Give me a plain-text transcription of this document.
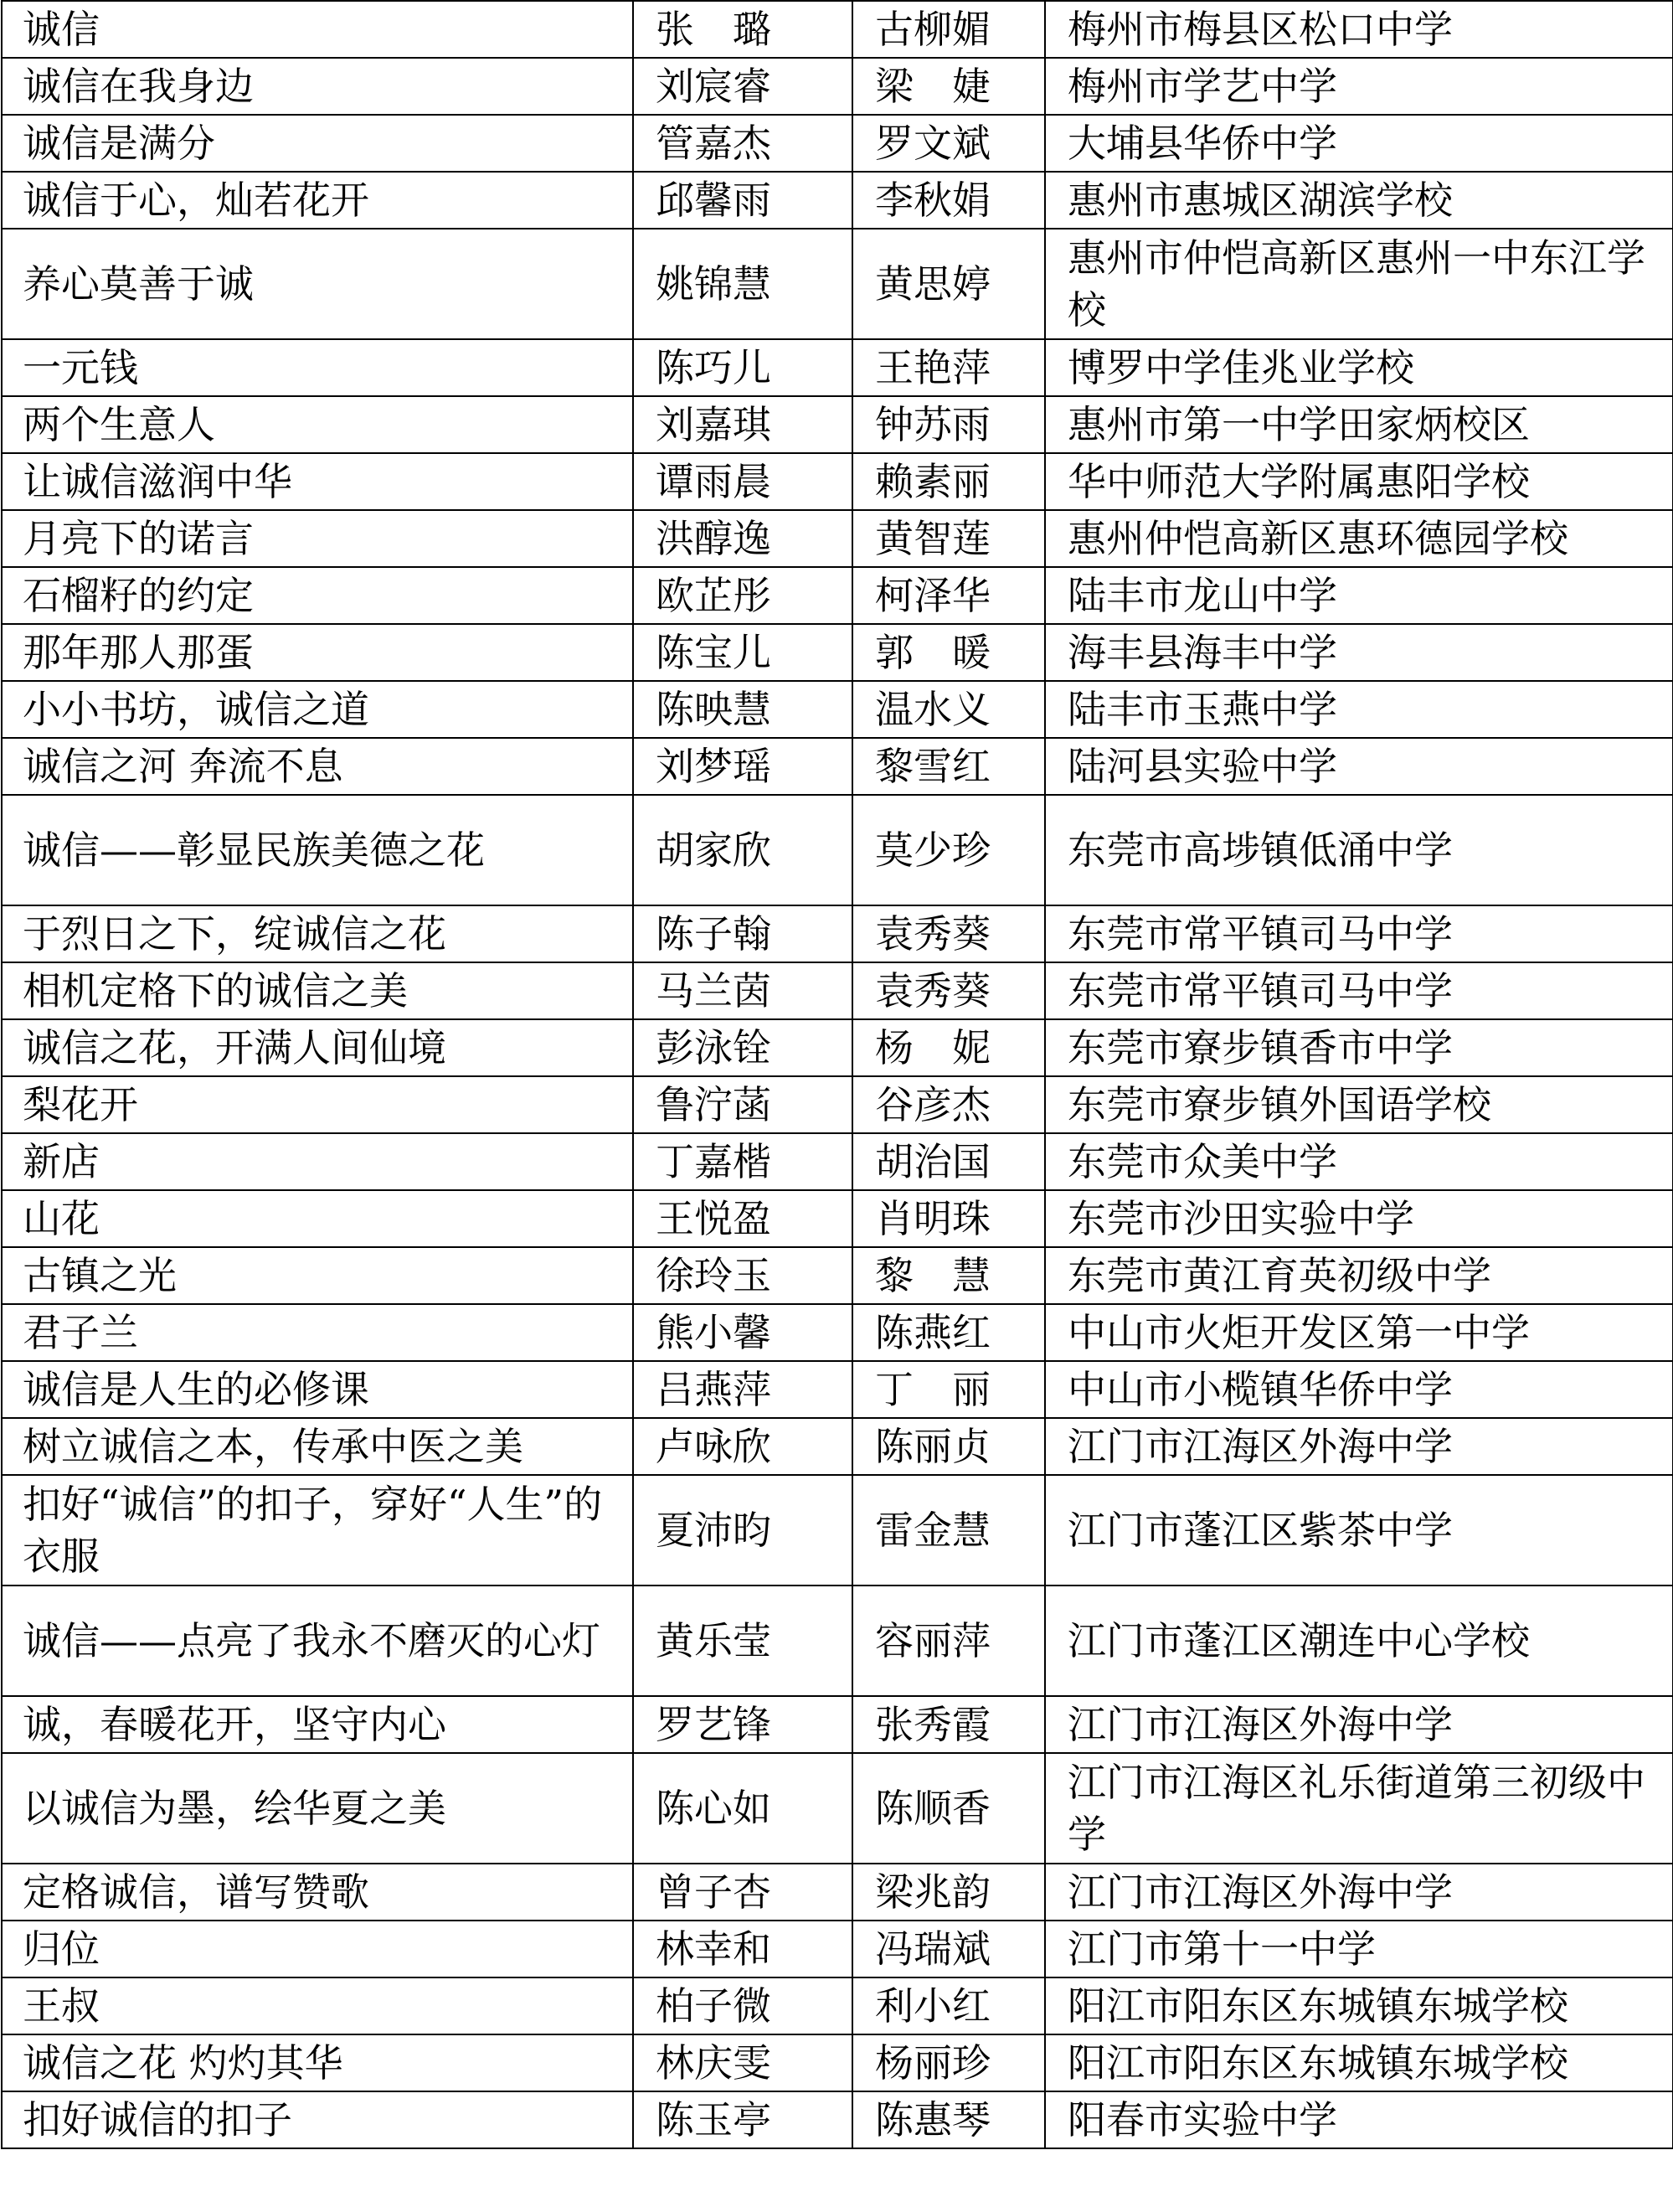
诚信	张　璐	古柳媚	梅州市梅县区松口中学
诚信在我身边	刘宸睿	梁　婕	梅州市学艺中学
诚信是满分	管嘉杰	罗文斌	大埔县华侨中学
诚信于心，灿若花开	邱馨雨	李秋娟	惠州市惠城区湖滨学校
养心莫善于诚	姚锦慧	黄思婷	惠州市仲恺高新区惠州一中东江学校
一元钱	陈巧儿	王艳萍	博罗中学佳兆业学校
两个生意人	刘嘉琪	钟苏雨	惠州市第一中学田家炳校区
让诚信滋润中华	谭雨晨	赖素丽	华中师范大学附属惠阳学校
月亮下的诺言	洪醇逸	黄智莲	惠州仲恺高新区惠环德园学校
石榴籽的约定	欧芷彤	柯泽华	陆丰市龙山中学
那年那人那蛋	陈宝儿	郭　暖	海丰县海丰中学
小小书坊，诚信之道	陈映慧	温水义	陆丰市玉燕中学
诚信之河 奔流不息	刘梦瑶	黎雪红	陆河县实验中学
诚信——彰显民族美德之花	胡家欣	莫少珍	东莞市高埗镇低涌中学
于烈日之下，绽诚信之花	陈子翰	袁秀葵	东莞市常平镇司马中学
相机定格下的诚信之美	马兰茵	袁秀葵	东莞市常平镇司马中学
诚信之花，开满人间仙境	彭泳铨	杨　妮	东莞市寮步镇香市中学
梨花开	鲁泞菡	谷彦杰	东莞市寮步镇外国语学校
新店	丁嘉楷	胡治国	东莞市众美中学
山花	王悦盈	肖明珠	东莞市沙田实验中学
古镇之光	徐玲玉	黎　慧	东莞市黄江育英初级中学
君子兰	熊小馨	陈燕红	中山市火炬开发区第一中学
诚信是人生的必修课	吕燕萍	丁　丽	中山市小榄镇华侨中学
树立诚信之本，传承中医之美	卢咏欣	陈丽贞	江门市江海区外海中学
扣好“诚信”的扣子，穿好“人生”的衣服	夏沛昀	雷金慧	江门市蓬江区紫茶中学
诚信——点亮了我永不磨灭的心灯	黄乐莹	容丽萍	江门市蓬江区潮连中心学校
诚，春暖花开，坚守内心	罗艺锋	张秀霞	江门市江海区外海中学
以诚信为墨，绘华夏之美	陈心如	陈顺香	江门市江海区礼乐街道第三初级中学
定格诚信，谱写赞歌	曾子杏	梁兆韵	江门市江海区外海中学
归位	林幸和	冯瑞斌	江门市第十一中学
王叔	柏子微	利小红	阳江市阳东区东城镇东城学校
诚信之花 灼灼其华	林庆雯	杨丽珍	阳江市阳东区东城镇东城学校
扣好诚信的扣子	陈玉亭	陈惠琴	阳春市实验中学
